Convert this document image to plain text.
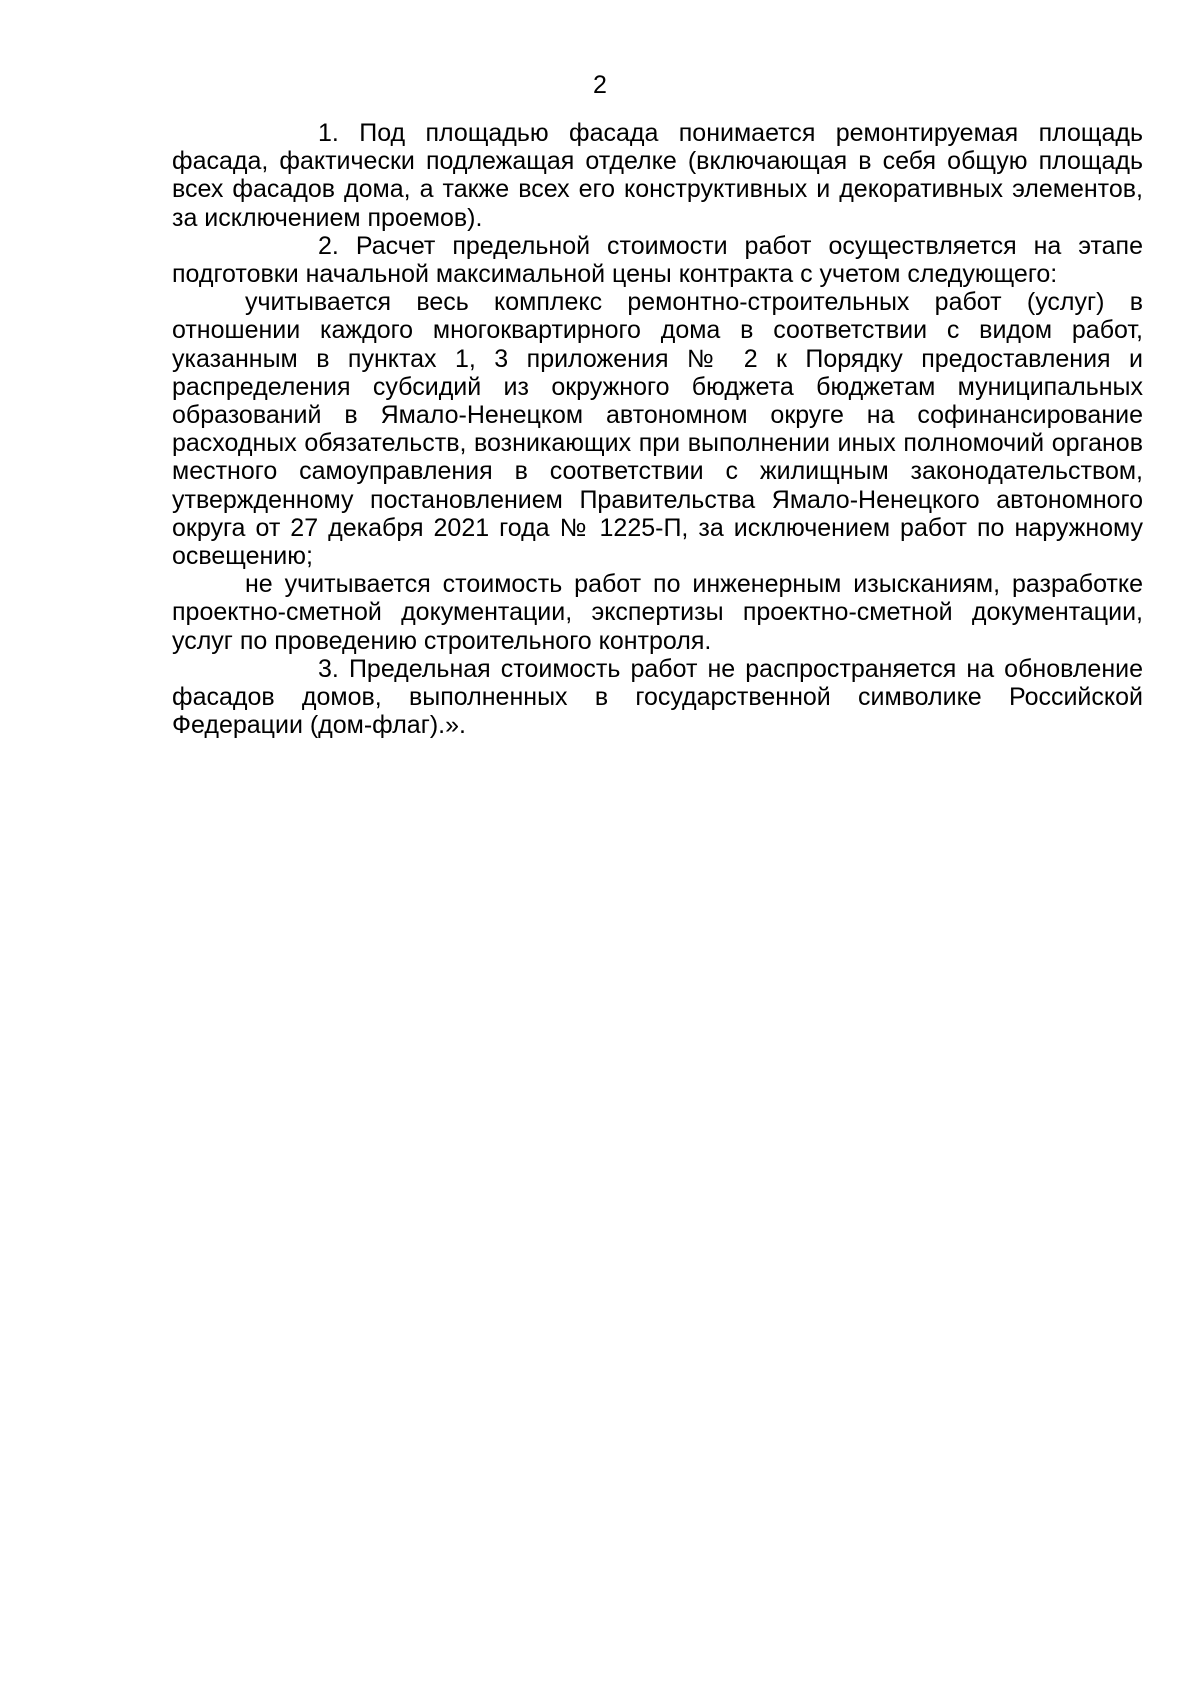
2

1. Под площадью фасада понимается ремонтируемая площадь фасада, фактически подлежащая отделке (включающая в себя общую площадь всех фасадов дома, а также всех его конструктивных и декоративных элементов, за исключением проемов).

2. Расчет предельной стоимости работ осуществляется на этапе подготовки начальной максимальной цены контракта с учетом следующего:

учитывается весь комплекс ремонтно-строительных работ (услуг) в отношении каждого многоквартирного дома в соответствии с видом работ, указанным в пунктах 1, 3 приложения № 2 к Порядку предоставления и распределения субсидий из окружного бюджета бюджетам муниципальных образований в Ямало-Ненецком автономном округе на софинансирование расходных обязательств, возникающих при выполнении иных полномочий органов местного самоуправления в соответствии с жилищным законодательством, утвержденному постановлением Правительства Ямало-Ненецкого автономного округа от 27 декабря 2021 года № 1225-П, за исключением работ по наружному освещению;

не учитывается стоимость работ по инженерным изысканиям, разработке проектно-сметной документации, экспертизы проектно-сметной документации, услуг по проведению строительного контроля.

3. Предельная стоимость работ не распространяется на обновление фасадов домов, выполненных в государственной символике Российской Федерации (дом-флаг).».
